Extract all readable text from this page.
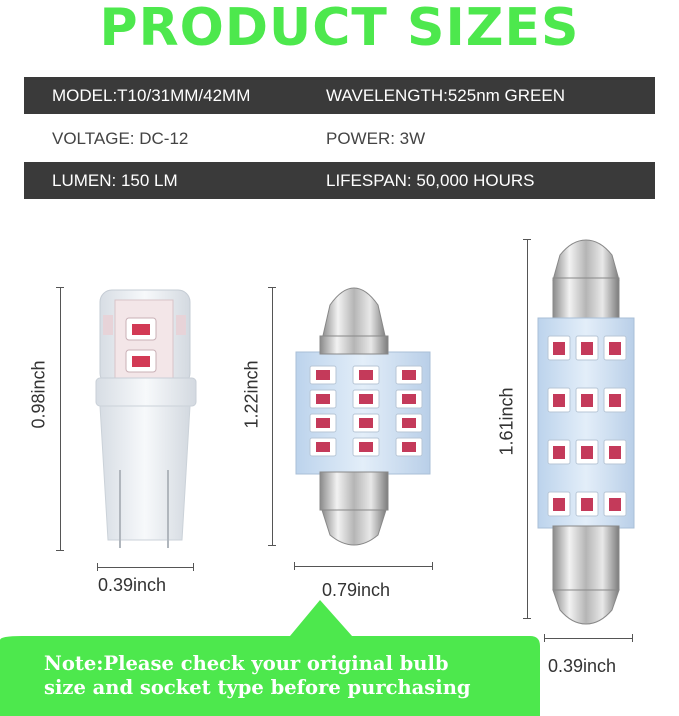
PRODUCT SIZES
MODEL:T10/31MM/42MM	WAVELENGTH:525nm GREEN
VOLTAGE: DC-12	POWER: 3W
LUMEN: 150 LM	LIFESPAN: 50,000 HOURS
0.98inch
0.39inch
1.22inch
0.79inch
1.61inch
0.39inch
Note:Please check your original bulb
size and socket type before purchasing
